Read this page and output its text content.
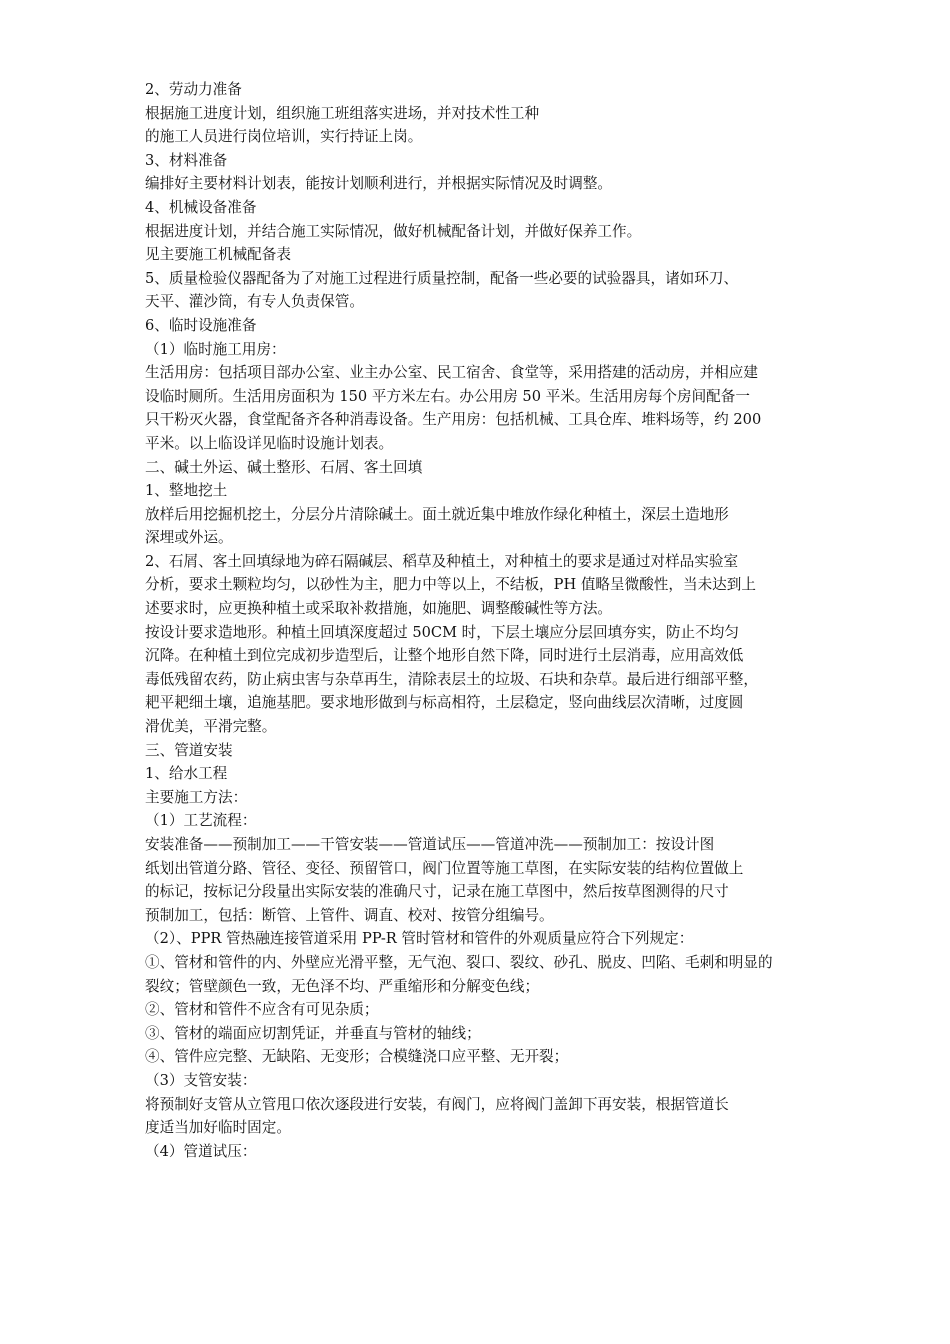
2、劳动力准备

根据施工进度计划，组织施工班组落实进场，并对技术性工种

的施工人员进行岗位培训，实行持证上岗。

3、材料准备

编排好主要材料计划表，能按计划顺利进行，并根据实际情况及时调整。

4、机械设备准备

根据进度计划，并结合施工实际情况，做好机械配备计划，并做好保养工作。

见主要施工机械配备表

5、质量检验仪器配备为了对施工过程进行质量控制，配备一些必要的试验器具，诸如环刀、

天平、灌沙筒，有专人负责保管。

6、临时设施准备

（1）临时施工用房：

生活用房：包括项目部办公室、业主办公室、民工宿舍、食堂等，采用搭建的活动房，并相应建

设临时厕所。生活用房面积为 150 平方米左右。办公用房 50 平米。生活用房每个房间配备一

只干粉灭火器，食堂配备齐各种消毒设备。生产用房：包括机械、工具仓库、堆料场等，约 200

平米。以上临设详见临时设施计划表。

二、碱土外运、碱土整形、石屑、客土回填

1、整地挖土

放样后用挖掘机挖土，分层分片清除碱土。面土就近集中堆放作绿化种植土，深层土造地形

深埋或外运。

2、石屑、客土回填绿地为碎石隔碱层、稻草及种植土，对种植土的要求是通过对样品实验室

分析，要求土颗粒均匀，以砂性为主，肥力中等以上，不结板，PH 值略呈微酸性，当未达到上

述要求时，应更换种植土或采取补救措施，如施肥、调整酸碱性等方法。

按设计要求造地形。种植土回填深度超过 50CM 时，下层土壤应分层回填夯实，防止不均匀

沉降。在种植土到位完成初步造型后，让整个地形自然下降，同时进行土层消毒，应用高效低

毒低残留农药，防止病虫害与杂草再生，清除表层土的垃圾、石块和杂草。最后进行细部平整，

耙平耙细土壤，追施基肥。要求地形做到与标高相符，土层稳定，竖向曲线层次清晰，过度圆

滑优美，平滑完整。

三、管道安装

1、给水工程

主要施工方法：

（1）工艺流程：

安装准备——预制加工——干管安装——管道试压——管道冲洗——预制加工：按设计图

纸划出管道分路、管径、变径、预留管口，阀门位置等施工草图，在实际安装的结构位置做上

的标记，按标记分段量出实际安装的准确尺寸，记录在施工草图中，然后按草图测得的尺寸

预制加工，包括：断管、上管件、调直、校对、按管分组编号。

（2）、PPR 管热融连接管道采用 PP-R 管时管材和管件的外观质量应符合下列规定：

①、管材和管件的内、外壁应光滑平整，无气泡、裂口、裂纹、砂孔、脱皮、凹陷、毛刺和明显的

裂纹；管壁颜色一致，无色泽不均、严重缩形和分解变色线；

②、管材和管件不应含有可见杂质；

③、管材的端面应切割凭证，并垂直与管材的轴线；

④、管件应完整、无缺陷、无变形；合模缝浇口应平整、无开裂；

（3）支管安装：

将预制好支管从立管甩口依次逐段进行安装，有阀门，应将阀门盖卸下再安装，根据管道长

度适当加好临时固定。

（4）管道试压：
